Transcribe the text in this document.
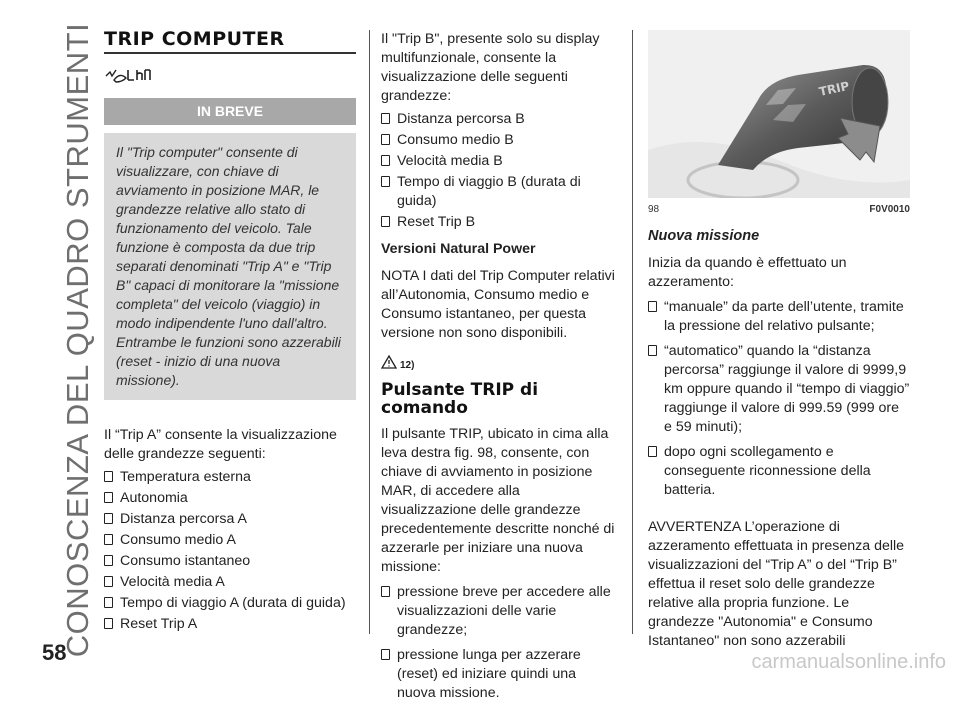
CONOSCENZA DEL QUADRO STRUMENTI
58
TRIP COMPUTER
IN BREVE

Il "Trip computer" consente di visualizzare, con chiave di avviamento in posizione MAR, le grandezze relative allo stato di funzionamento del veicolo. Tale funzione è composta da due trip separati denominati "Trip A" e "Trip B" capaci di monitorare la "missione completa" del veicolo (viaggio) in modo indipendente l'uno dall'altro. Entrambe le funzioni sono azzerabili (reset - inizio di una nuova missione).

Il “Trip A” consente la visualizzazione delle grandezze seguenti:

Temperatura esterna
Autonomia
Distanza percorsa A
Consumo medio A
Consumo istantaneo
Velocità media A
Tempo di viaggio A (durata di guida)
Reset Trip A

Il "Trip B", presente solo su display multifunzionale, consente la visualizzazione delle seguenti grandezze:

Distanza percorsa B
Consumo medio B
Velocità media B
Tempo di viaggio B (durata di guida)
Reset Trip B

Versioni Natural Power

NOTA I dati del Trip Computer relativi all’Autonomia, Consumo medio e Consumo istantaneo, per questa versione non sono disponibili.

12)

Pulsante TRIP di comando

Il pulsante TRIP, ubicato in cima alla leva destra fig. 98, consente, con chiave di avviamento in posizione MAR, di accedere alla visualizzazione delle grandezze precedentemente descritte nonché di azzerarle per iniziare una nuova missione:

pressione breve per accedere alle visualizzazioni delle varie grandezze;
pressione lunga per azzerare (reset) ed iniziare quindi una nuova missione.
TRIP
98	F0V0010

Nuova missione

Inizia da quando è effettuato un azzeramento:

“manuale” da parte dell’utente, tramite la pressione del relativo pulsante;
“automatico” quando la “distanza percorsa” raggiunge il valore di 9999,9 km oppure quando il “tempo di viaggio” raggiunge il valore di 999.59 (999 ore e 59 minuti);
dopo ogni scollegamento e conseguente riconnessione della batteria.

AVVERTENZA L’operazione di azzeramento effettuata in presenza delle visualizzazioni del “Trip A” o del “Trip B” effettua il reset solo delle grandezze relative alla propria funzione. Le grandezze "Autonomia" e Consumo Istantaneo" non sono azzerabili

carmanualsonline.info
